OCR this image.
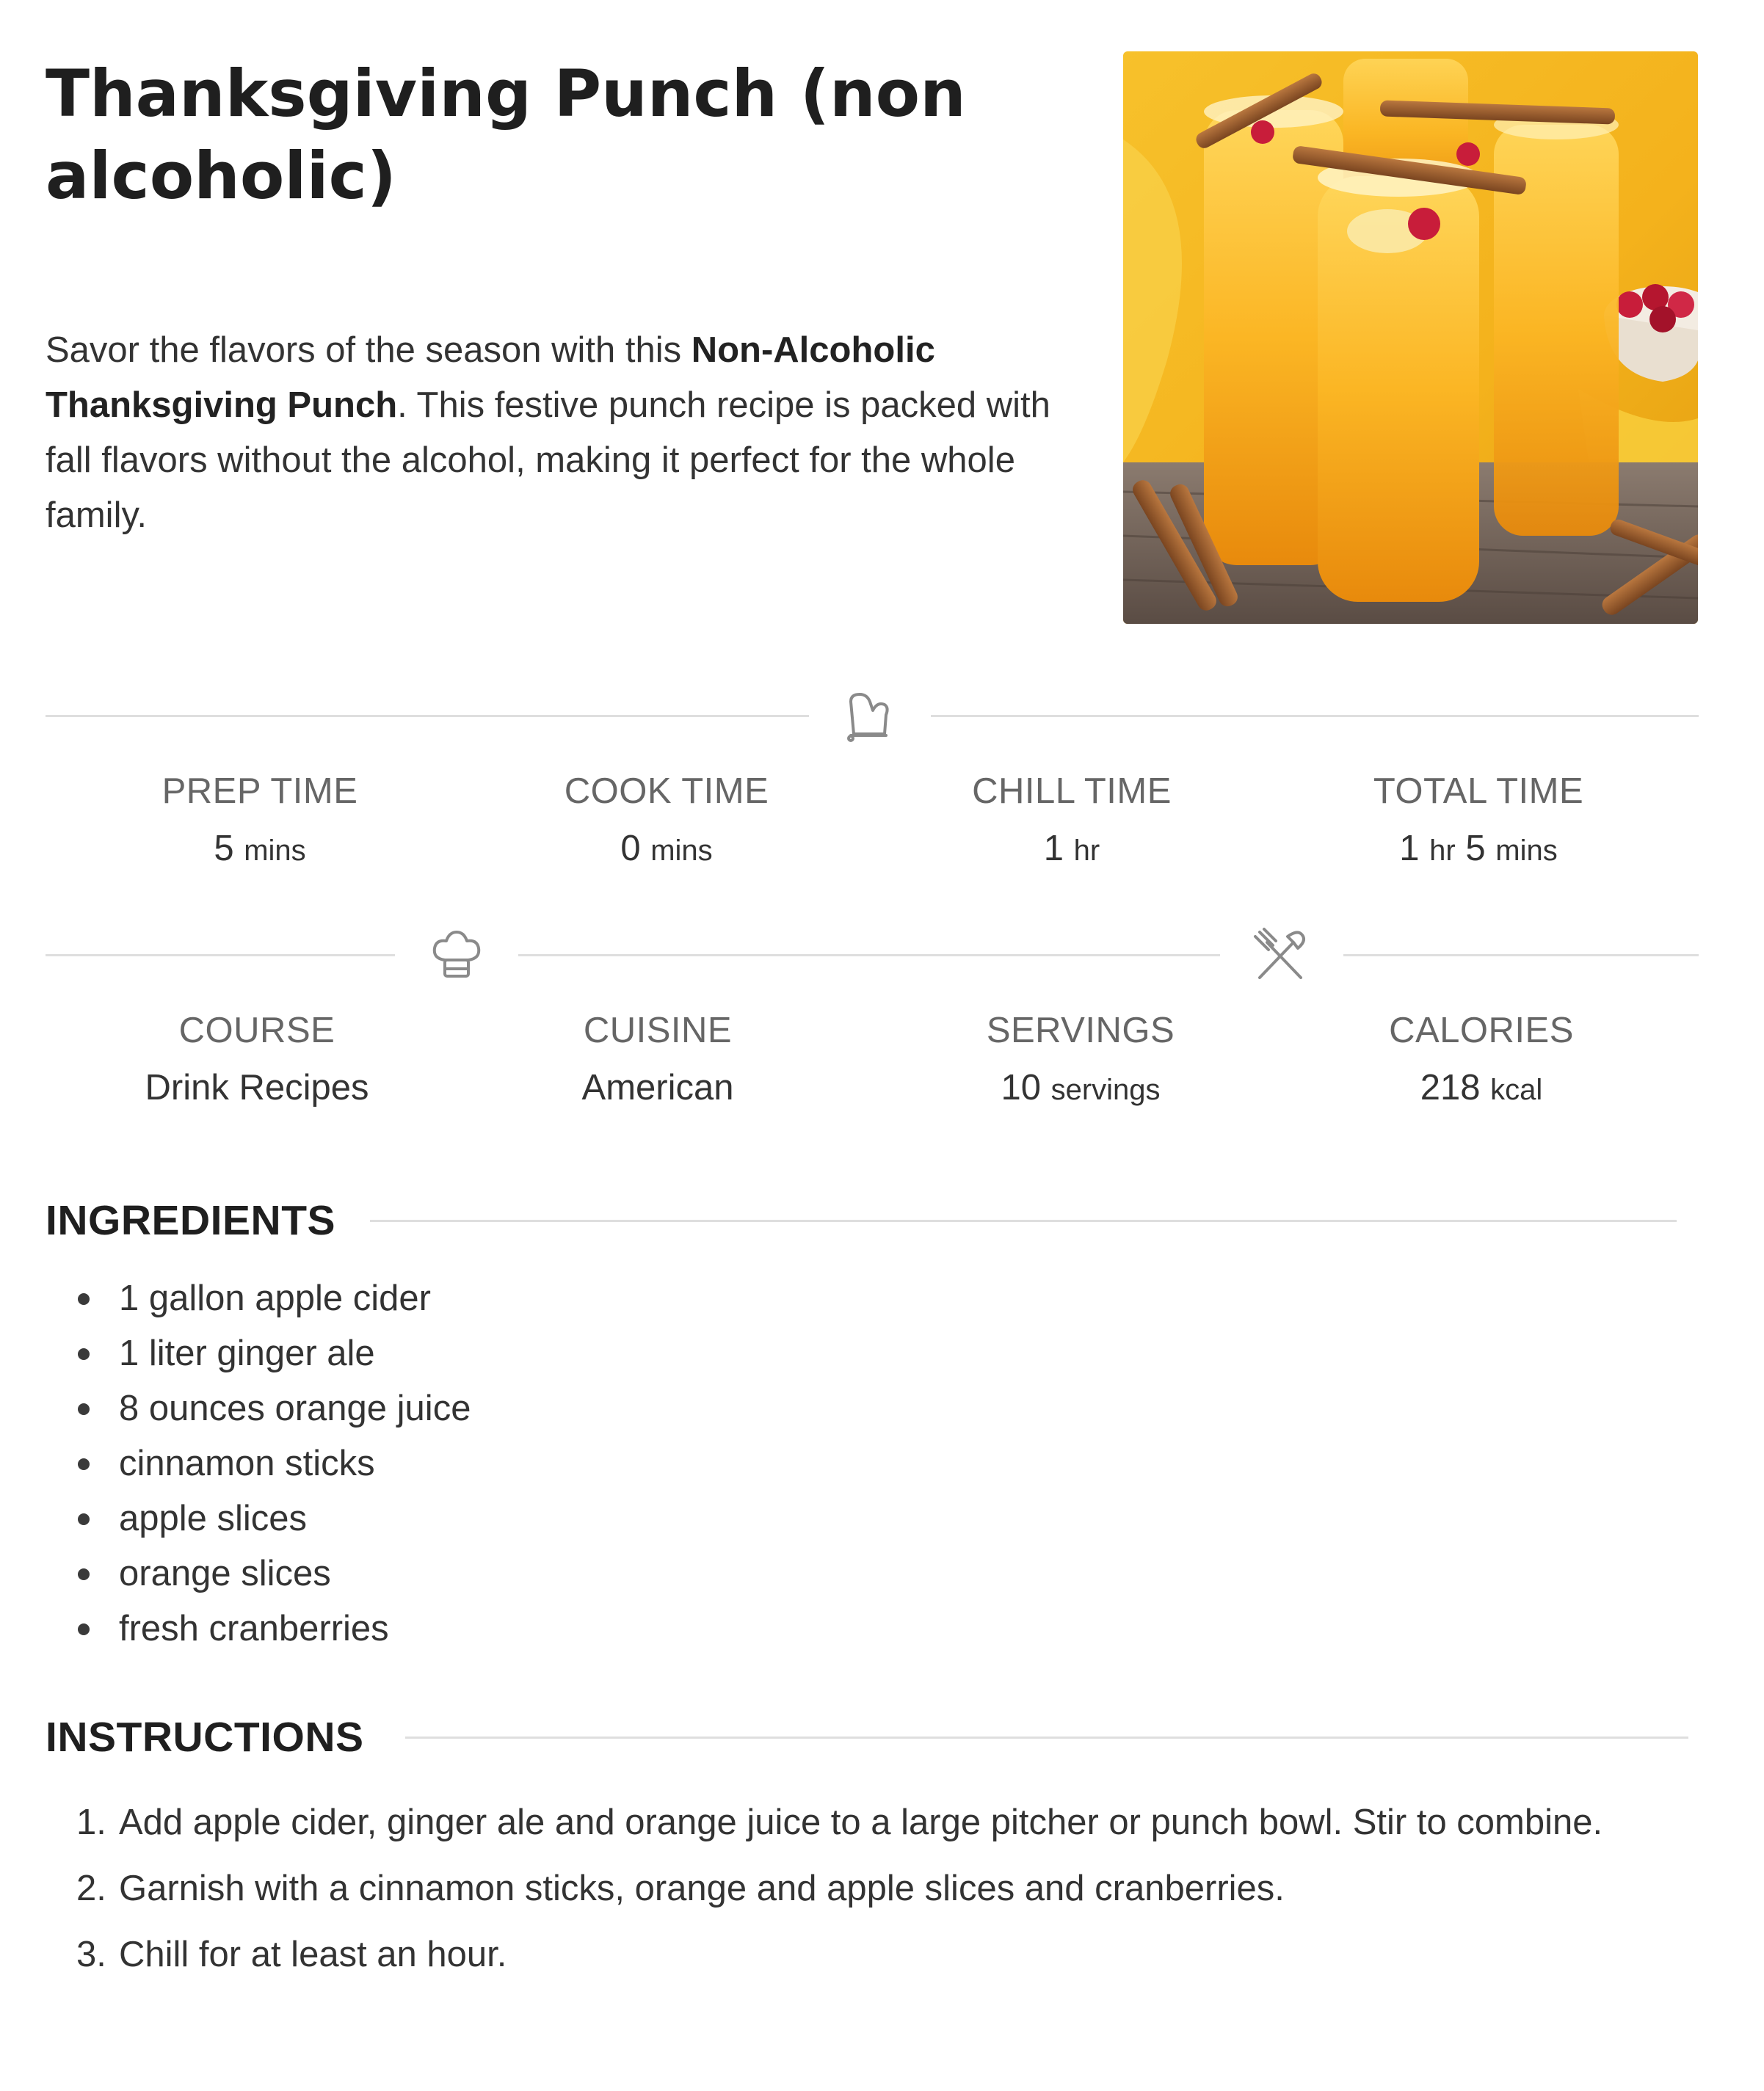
Thanksgiving Punch (non alcoholic)

Savor the flavors of the season with this Non-Alcoholic Thanksgiving Punch. This festive punch recipe is packed with fall flavors without the alcohol, making it perfect for the whole family.

PREP TIME
5 mins
COOK TIME
0 mins
CHILL TIME
1 hr
TOTAL TIME
1 hr 5 mins
COURSE
Drink Recipes
CUISINE
American
SERVINGS
10 servings
CALORIES
218 kcal
INGREDIENTS
1 gallon apple cider
1 liter ginger ale
8 ounces orange juice
cinnamon sticks
apple slices
orange slices
fresh cranberries
INSTRUCTIONS
1. Add apple cider, ginger ale and orange juice to a large pitcher or punch bowl. Stir to combine.
2. Garnish with a cinnamon sticks, orange and apple slices and cranberries.
3. Chill for at least an hour.
